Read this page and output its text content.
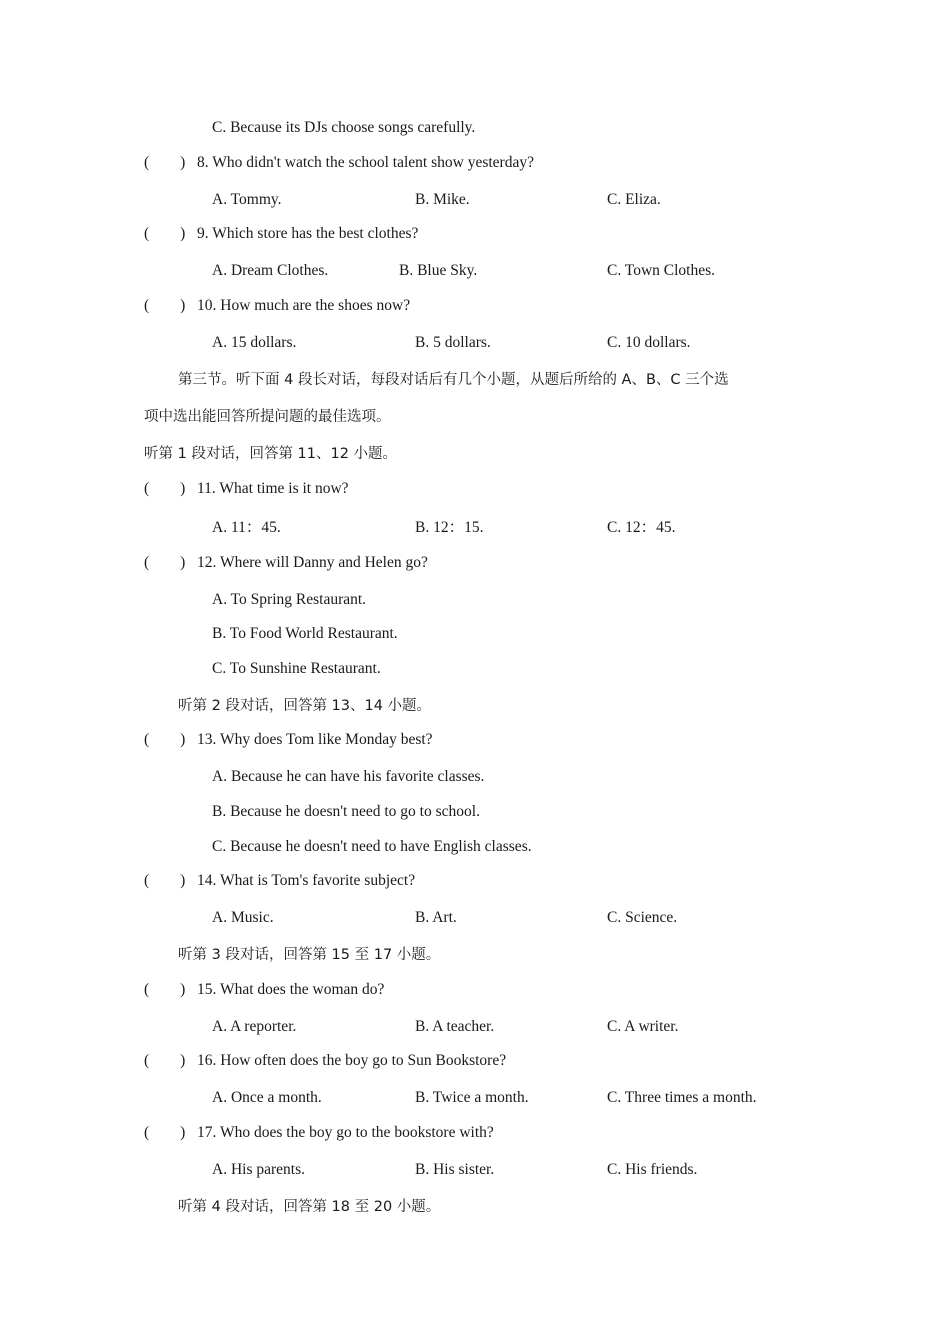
C. Because its DJs choose songs carefully.
(        ) 8. Who didn't watch the school talent show yesterday?
A. Tommy.	B. Mike.	C. Eliza.
(        ) 9. Which store has the best clothes?
A. Dream Clothes.	B. Blue Sky.	C. Town Clothes.
(        ) 10. How much are the shoes now?
A. 15 dollars.	B. 5 dollars.	C. 10 dollars.
第三节。听下面 4 段长对话，每段对话后有几个小题，从题后所给的 A、B、C 三个选
项中选出能回答所提问题的最佳选项。
听第 1 段对话，回答第 11、12 小题。
(        ) 11. What time is it now?
A. 11：45.	B. 12：15.	C. 12：45.
(        ) 12. Where will Danny and Helen go?
A. To Spring Restaurant.
B. To Food World Restaurant.
C. To Sunshine Restaurant.
听第 2 段对话，回答第 13、14 小题。
(        ) 13. Why does Tom like Monday best?
A. Because he can have his favorite classes.
B. Because he doesn't need to go to school.
C. Because he doesn't need to have English classes.
(        ) 14. What is Tom's favorite subject?
A. Music.	B. Art.	C. Science.
听第 3 段对话，回答第 15 至 17 小题。
(        ) 15. What does the woman do?
A. A reporter.	B. A teacher.	C. A writer.
(        ) 16. How often does the boy go to Sun Bookstore?
A. Once a month.	B. Twice a month.	C. Three times a month.
(        ) 17. Who does the boy go to the bookstore with?
A. His parents.	B. His sister.	C. His friends.
听第 4 段对话，回答第 18 至 20 小题。
